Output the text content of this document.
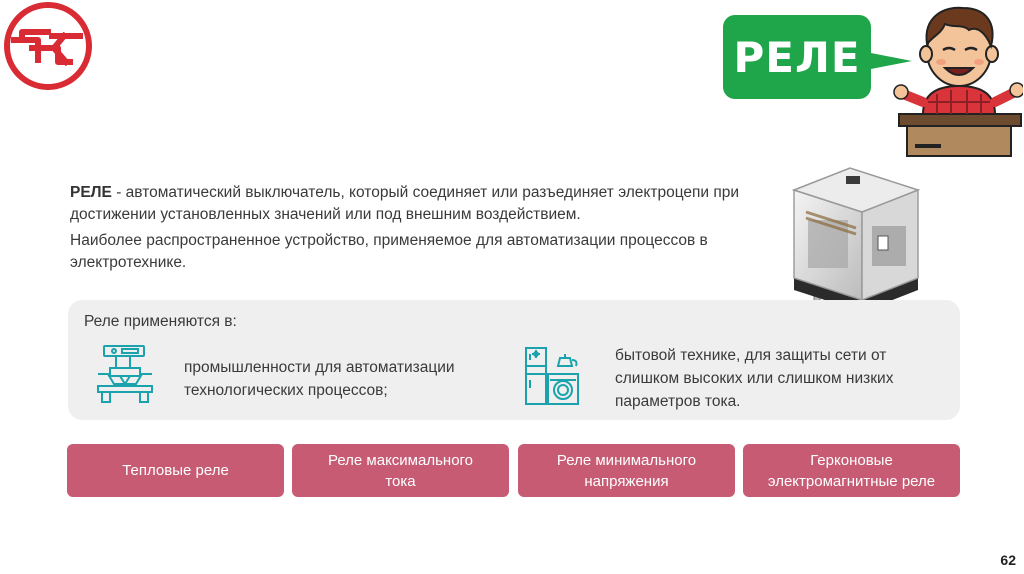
РЕЛЕ

РЕЛЕ - автоматический выключатель, который соединяет или разъединяет электроцепи при достижении установленных значений или под внешним воздействием.

Наиболее распространенное устройство, применяемое для автоматизации процессов в электротехнике.

Реле применяются в:
промышленности для автоматизации технологических процессов;
бытовой технике, для защиты сети от слишком высоких или слишком низких параметров тока.
Тепловые реле
Реле максимального тока
Реле минимального напряжения
Герконовые электромагнитные реле
62
